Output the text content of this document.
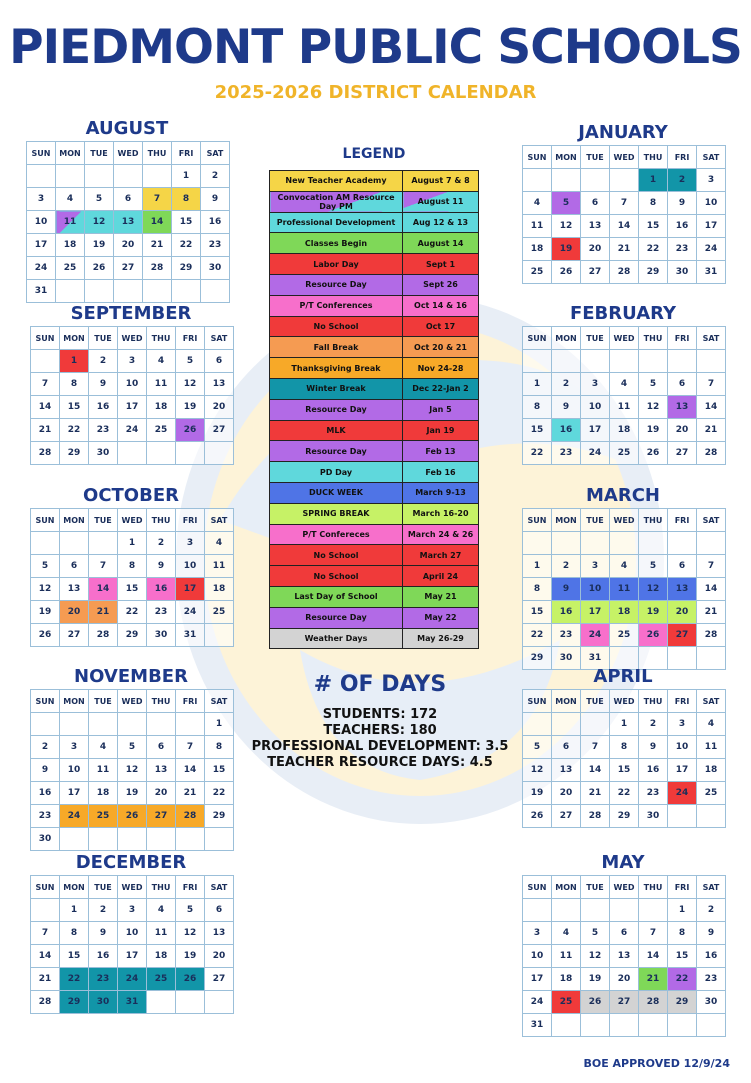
PIEDMONT PUBLIC SCHOOLS
2025-2026 DISTRICT CALENDAR
AUGUST
SUN	MON	TUE	WED	THU	FRI	SAT
					1	2
3	4	5	6	7	8	9
10	11	12	13	14	15	16
17	18	19	20	21	22	23
24	25	26	27	28	29	30
31						
SEPTEMBER
SUN	MON	TUE	WED	THU	FRI	SAT
	1	2	3	4	5	6
7	8	9	10	11	12	13
14	15	16	17	18	19	20
21	22	23	24	25	26	27
28	29	30				
OCTOBER
SUN	MON	TUE	WED	THU	FRI	SAT
			1	2	3	4
5	6	7	8	9	10	11
12	13	14	15	16	17	18
19	20	21	22	23	24	25
26	27	28	29	30	31	
NOVEMBER
SUN	MON	TUE	WED	THU	FRI	SAT
						1
2	3	4	5	6	7	8
9	10	11	12	13	14	15
16	17	18	19	20	21	22
23	24	25	26	27	28	29
30						
DECEMBER
SUN	MON	TUE	WED	THU	FRI	SAT
	1	2	3	4	5	6
7	8	9	10	11	12	13
14	15	16	17	18	19	20
21	22	23	24	25	26	27
28	29	30	31			
JANUARY
SUN	MON	TUE	WED	THU	FRI	SAT
				1	2	3
4	5	6	7	8	9	10
11	12	13	14	15	16	17
18	19	20	21	22	23	24
25	26	27	28	29	30	31
FEBRUARY
SUN	MON	TUE	WED	THU	FRI	SAT

1	2	3	4	5	6	7
8	9	10	11	12	13	14
15	16	17	18	19	20	21
22	23	24	25	26	27	28
MARCH
SUN	MON	TUE	WED	THU	FRI	SAT

1	2	3	4	5	6	7
8	9	10	11	12	13	14
15	16	17	18	19	20	21
22	23	24	25	26	27	28
29	30	31				
APRIL
SUN	MON	TUE	WED	THU	FRI	SAT
			1	2	3	4
5	6	7	8	9	10	11
12	13	14	15	16	17	18
19	20	21	22	23	24	25
26	27	28	29	30		
MAY
SUN	MON	TUE	WED	THU	FRI	SAT
					1	2
3	4	5	6	7	8	9
10	11	12	13	14	15	16
17	18	19	20	21	22	23
24	25	26	27	28	29	30
31						
LEGEND
New Teacher Academy	August 7 & 8
Convocation AM Resource Day PM	August 11
Professional Development	Aug 12 & 13
Classes Begin	August 14
Labor Day	Sept 1
Resource Day	Sept 26
P/T Conferences	Oct 14 & 16
No School	Oct 17
Fall Break	Oct 20 & 21
Thanksgiving Break	Nov 24-28
Winter Break	Dec 22-Jan 2
Resource Day	Jan 5
MLK	Jan 19
Resource Day	Feb 13
PD Day	Feb 16
DUCK WEEK	March 9-13
SPRING BREAK	March 16-20
P/T Confereces	March 24 & 26
No School	March 27
No School	April 24
Last Day of School	May 21
Resource Day	May 22
Weather Days	May 26-29
# OF DAYS
STUDENTS: 172
TEACHERS: 180
PROFESSIONAL DEVELOPMENT: 3.5
TEACHER RESOURCE DAYS: 4.5
BOE APPROVED 12/9/24
